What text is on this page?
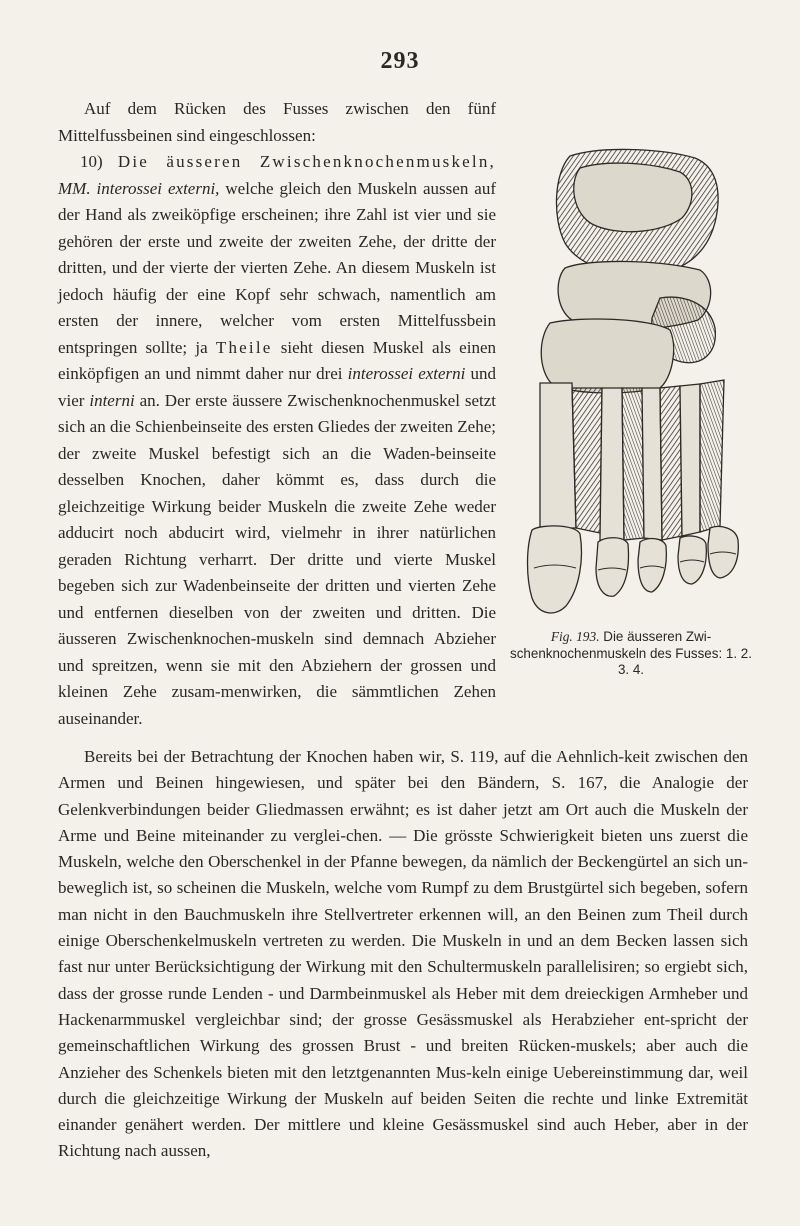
293

Auf dem Rücken des Fusses zwischen den fünf Mittelfussbeinen sind eingeschlossen:

10) Die äusseren Zwischenknochenmuskeln, MM. interossei externi, welche gleich den Muskeln aussen auf der Hand als zweiköpfige erscheinen; ihre Zahl ist vier und sie gehören der erste und zweite der zweiten Zehe, der dritte der dritten, und der vierte der vierten Zehe. An diesem Muskeln ist jedoch häufig der eine Kopf sehr schwach, namentlich am ersten der innere, welcher vom ersten Mittelfussbein entspringen sollte; ja Theile sieht diesen Muskel als einen einköpfigen an und nimmt daher nur drei interossei externi und vier interni an. Der erste äussere Zwischenknochenmuskel setzt sich an die Schienbeinseite des ersten Gliedes der zweiten Zehe; der zweite Muskel befestigt sich an die Waden-beinseite desselben Knochen, daher kömmt es, dass durch die gleichzeitige Wirkung beider Muskeln die zweite Zehe weder adducirt noch abducirt wird, vielmehr in ihrer natürlichen geraden Richtung verharrt. Der dritte und vierte Muskel begeben sich zur Wadenbeinseite der dritten und vierten Zehe und entfernen dieselben von der zweiten und dritten. Die äusseren Zwischenknochen-muskeln sind demnach Abzieher und spreitzen, wenn sie mit den Abziehern der grossen und kleinen Zehe zusam-menwirken, die sämmtlichen Zehen auseinander.

Fig. 193. Die äusseren Zwi-schenknochenmuskeln des Fusses: 1. 2. 3. 4.

Bereits bei der Betrachtung der Knochen haben wir, S. 119, auf die Aehnlich-keit zwischen den Armen und Beinen hingewiesen, und später bei den Bändern, S. 167, die Analogie der Gelenkverbindungen beider Gliedmassen erwähnt; es ist daher jetzt am Ort auch die Muskeln der Arme und Beine miteinander zu verglei-chen. — Die grösste Schwierigkeit bieten uns zuerst die Muskeln, welche den Oberschenkel in der Pfanne bewegen, da nämlich der Beckengürtel an sich un-beweglich ist, so scheinen die Muskeln, welche vom Rumpf zu dem Brustgürtel sich begeben, sofern man nicht in den Bauchmuskeln ihre Stellvertreter erkennen will, an den Beinen zum Theil durch einige Oberschenkelmuskeln vertreten zu werden. Die Muskeln in und an dem Becken lassen sich fast nur unter Berücksichtigung der Wirkung mit den Schultermuskeln parallelisiren; so ergiebt sich, dass der grosse runde Lenden - und Darmbeinmuskel als Heber mit dem dreieckigen Armheber und Hackenarmmuskel vergleichbar sind; der grosse Gesässmuskel als Herabzieher ent-spricht der gemeinschaftlichen Wirkung des grossen Brust - und breiten Rücken-muskels; aber auch die Anzieher des Schenkels bieten mit den letztgenannten Mus-keln einige Uebereinstimmung dar, weil durch die gleichzeitige Wirkung der Muskeln auf beiden Seiten die rechte und linke Extremität einander genähert werden. Der mittlere und kleine Gesässmuskel sind auch Heber, aber in der Richtung nach aussen,
